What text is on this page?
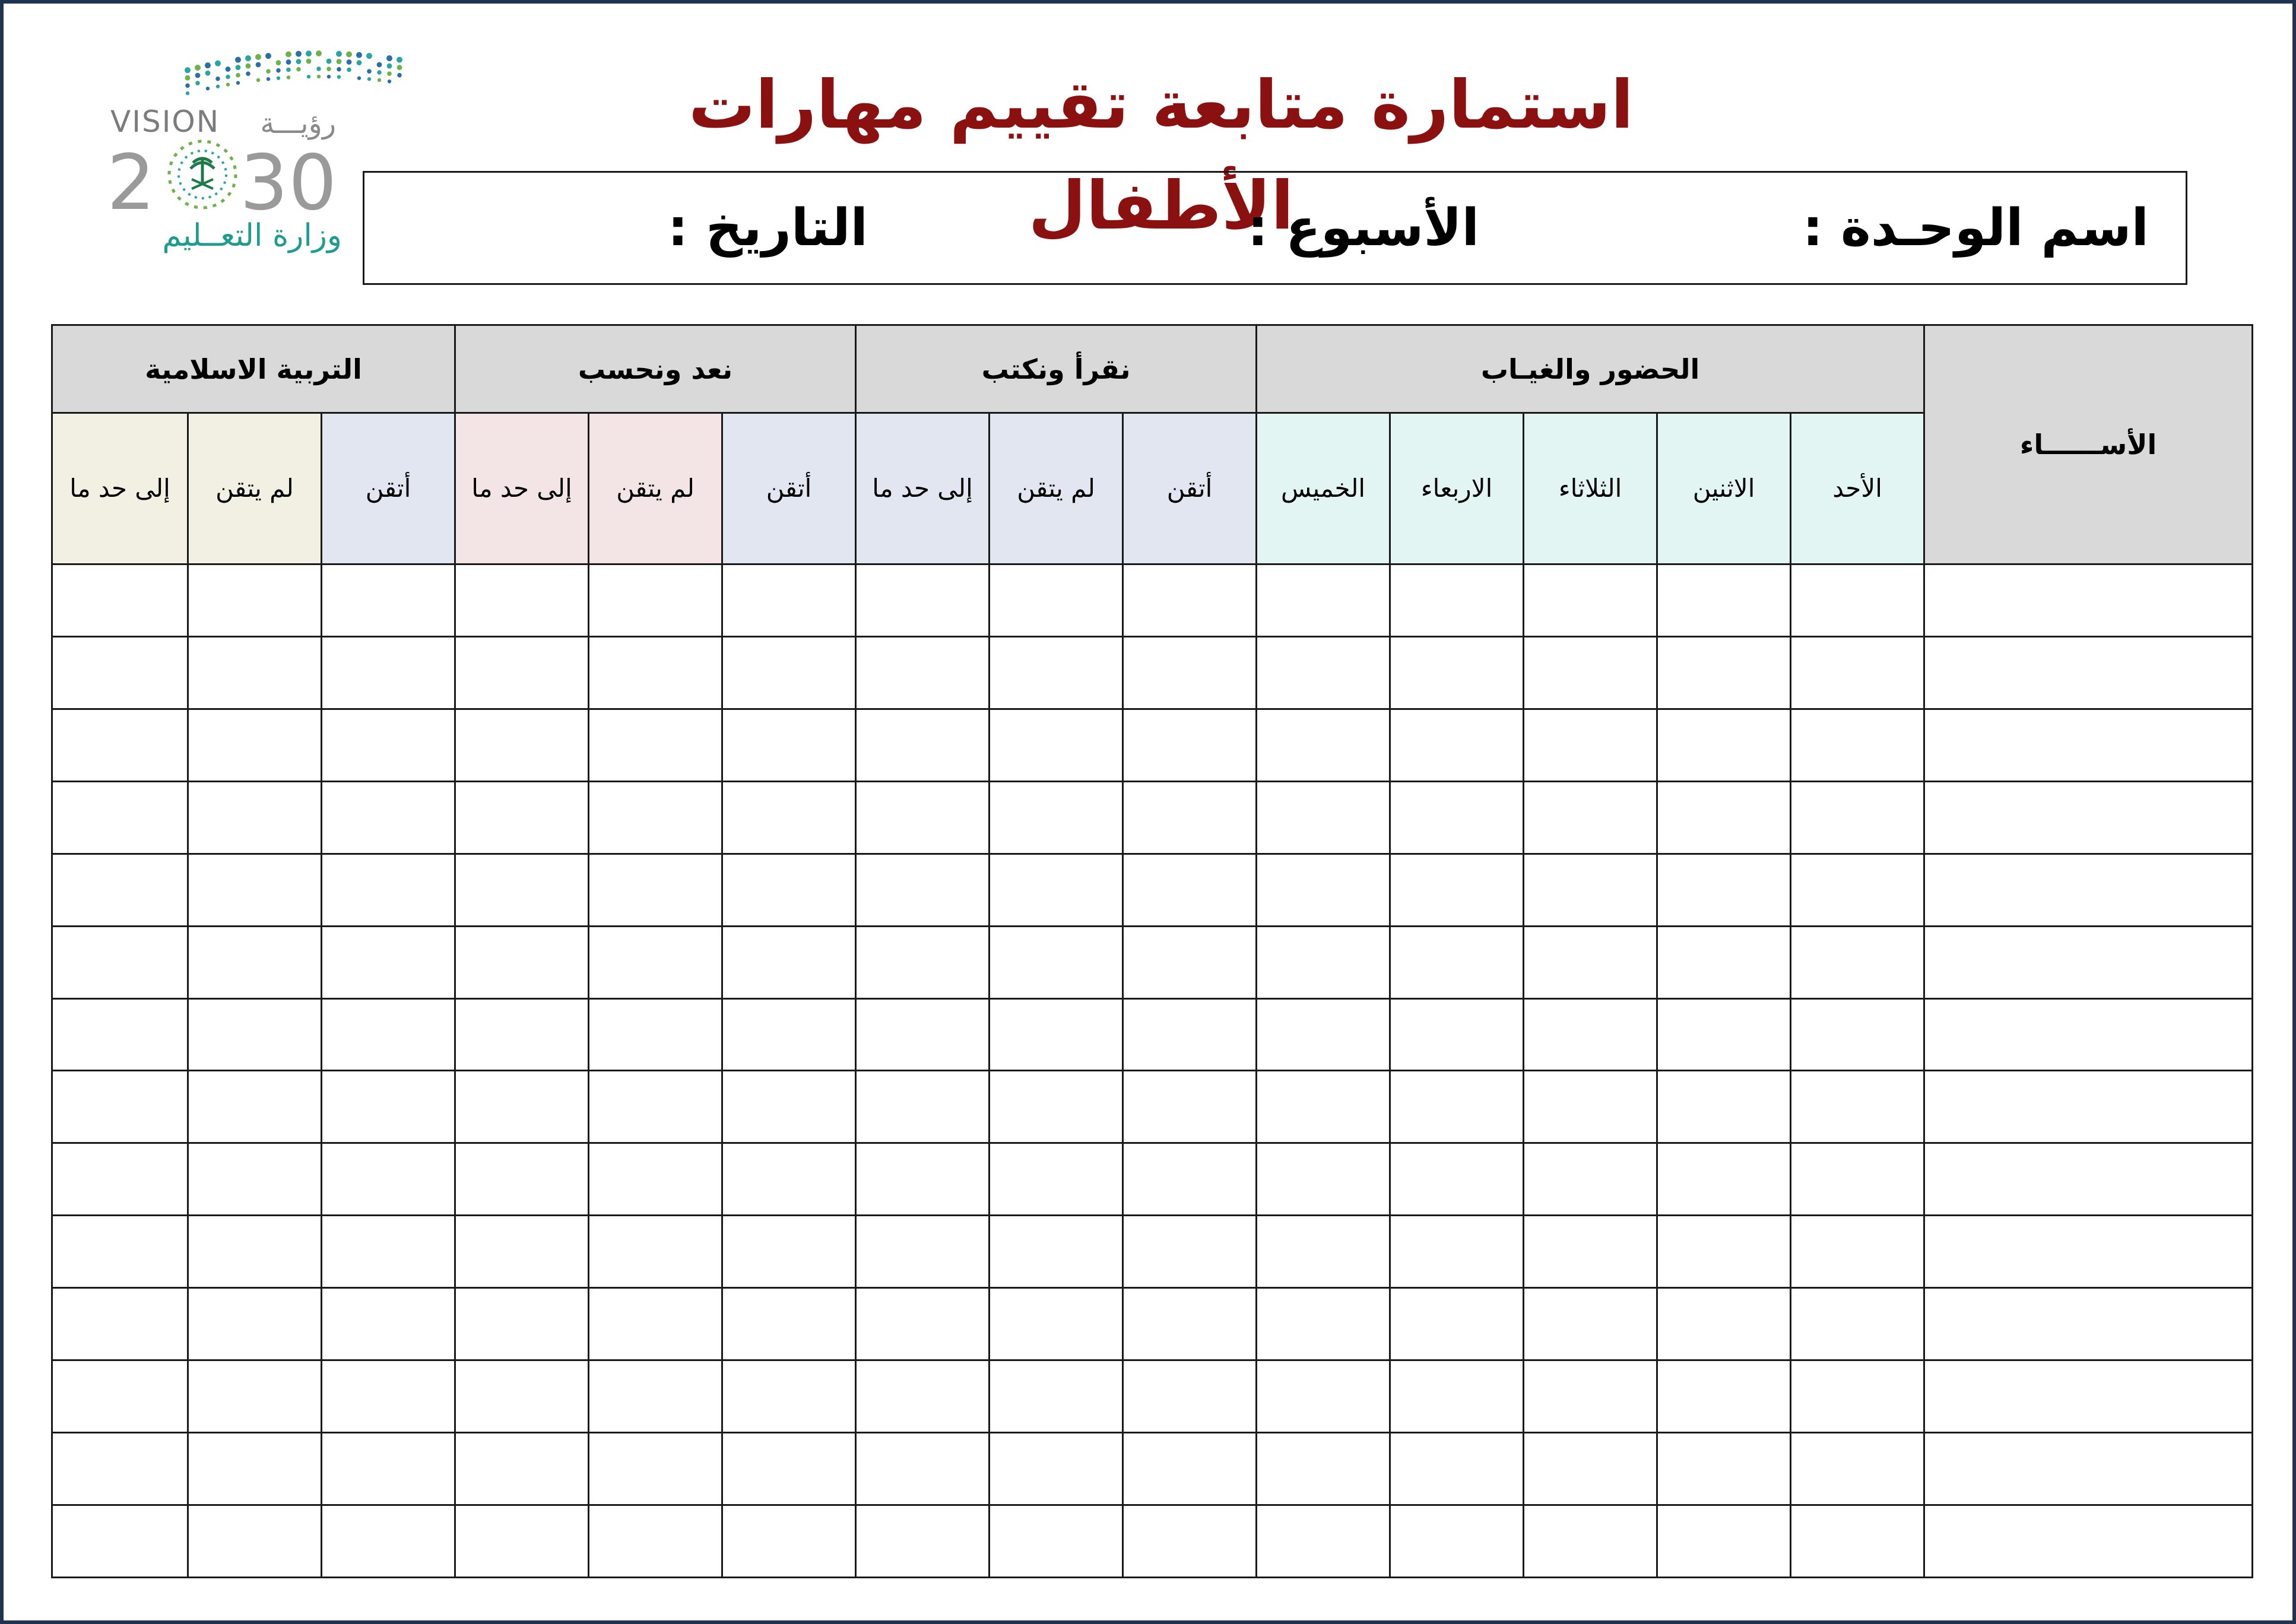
VISION رؤيـــة
2 3 0
وزارة التعــليم
استمارة متابعة تقييم مهارات الأطفال	اسم الوحـدة :
الأسبوع :
التاريخ :
الأســــــاء	الحضور والغيـاب					نقرأ ونكتب			نعد ونحسب			التربية الاسلامية		
	الأحد	الاثنين	الثلاثاء	الاربعاء	الخميس	أتقن	لم يتقن	إلى حد ما	أتقن	لم يتقن	إلى حد ما	أتقن	لم يتقن	إلى حد ما
